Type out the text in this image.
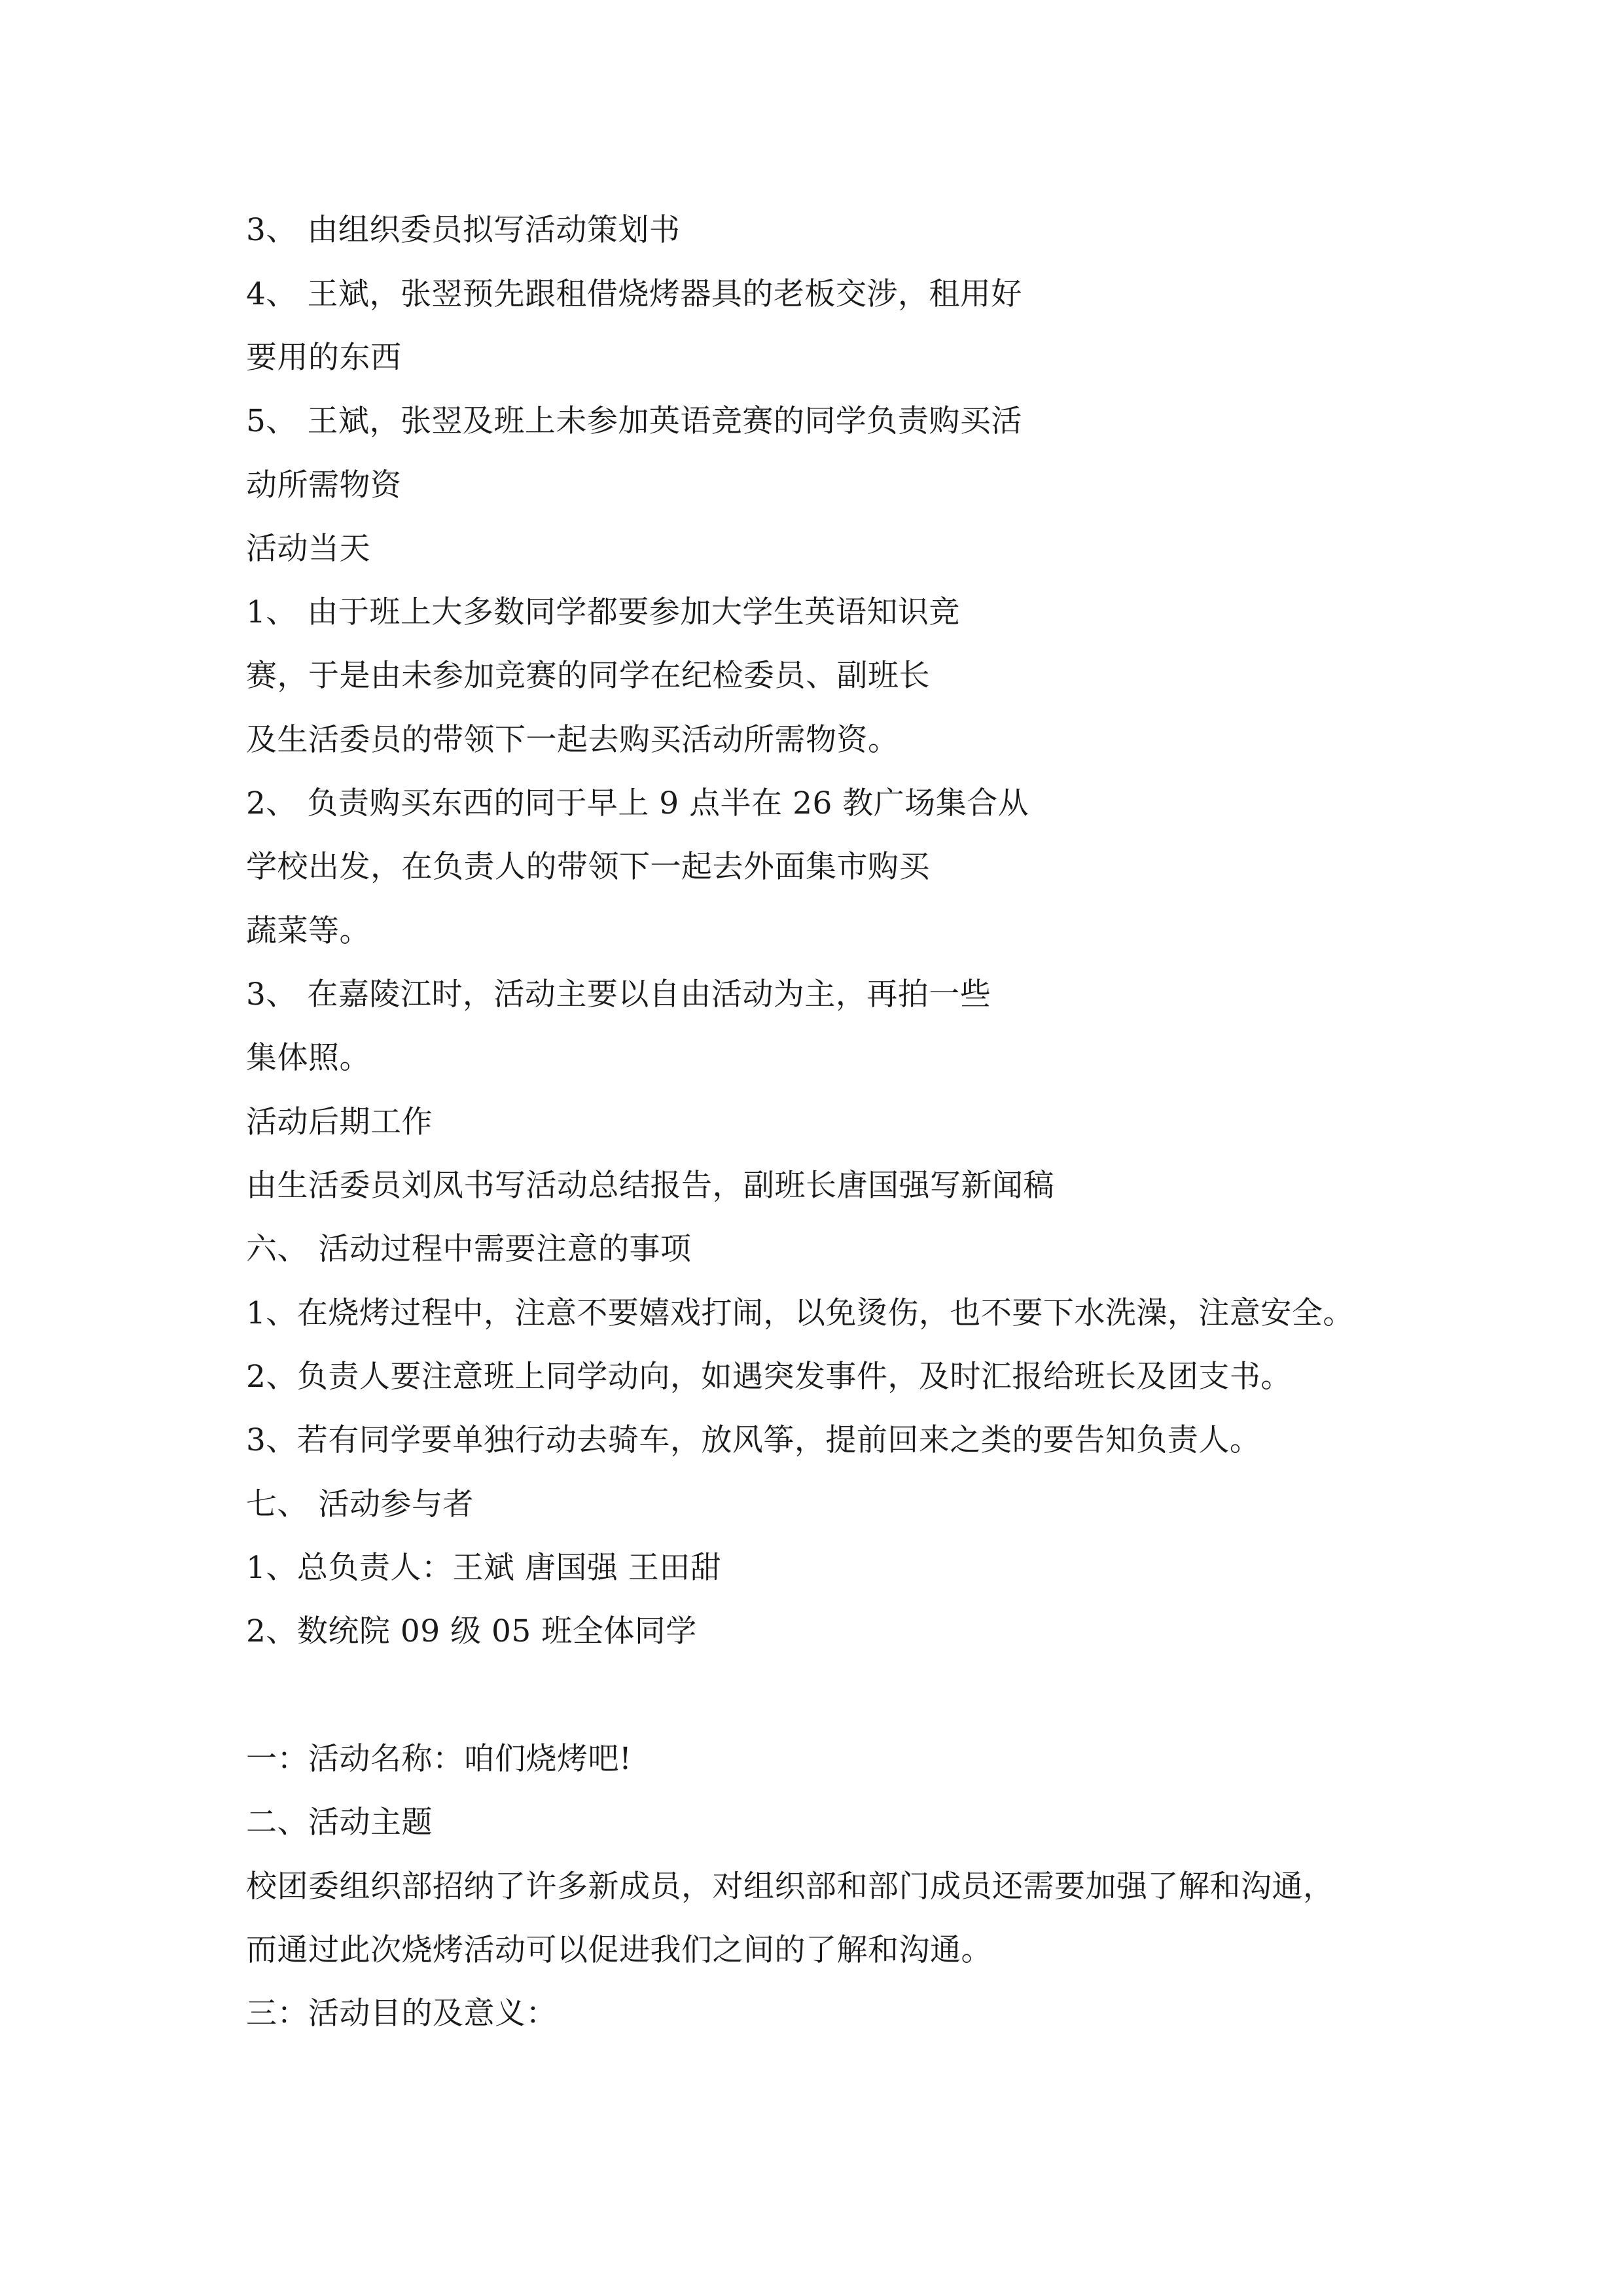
3、 由组织委员拟写活动策划书
4、 王斌，张翌预先跟租借烧烤器具的老板交涉，租用好
要用的东西
5、 王斌，张翌及班上未参加英语竞赛的同学负责购买活
动所需物资
活动当天
1、 由于班上大多数同学都要参加大学生英语知识竞
赛，于是由未参加竞赛的同学在纪检委员、副班长
及生活委员的带领下一起去购买活动所需物资。
2、 负责购买东西的同于早上 9 点半在 26 教广场集合从
学校出发，在负责人的带领下一起去外面集市购买
蔬菜等。
3、 在嘉陵江时，活动主要以自由活动为主，再拍一些
集体照。
活动后期工作
由生活委员刘凤书写活动总结报告，副班长唐国强写新闻稿
六、 活动过程中需要注意的事项
1、在烧烤过程中，注意不要嬉戏打闹，以免烫伤，也不要下水洗澡，注意安全。
2、负责人要注意班上同学动向，如遇突发事件，及时汇报给班长及团支书。
3、若有同学要单独行动去骑车，放风筝，提前回来之类的要告知负责人。
七、 活动参与者
1、总负责人：王斌 唐国强 王田甜
2、数统院 09 级 05 班全体同学
一：活动名称：咱们烧烤吧!
二、活动主题
校团委组织部招纳了许多新成员，对组织部和部门成员还需要加强了解和沟通，
而通过此次烧烤活动可以促进我们之间的了解和沟通。
三：活动目的及意义：
